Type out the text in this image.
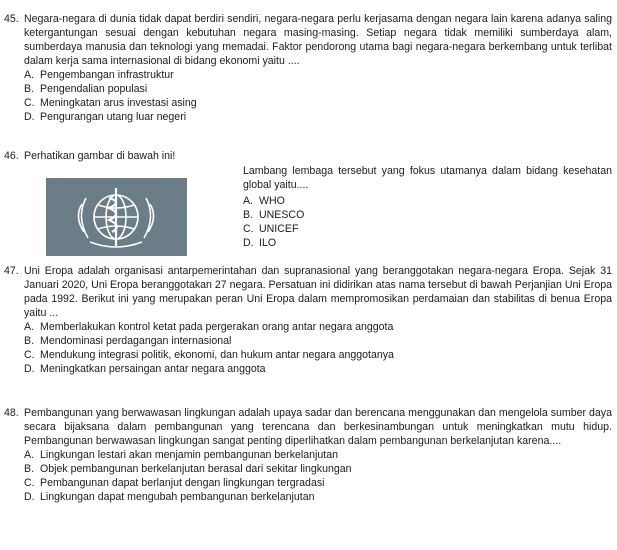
45. Negara-negara di dunia tidak dapat berdiri sendiri, negara-negara perlu kerjasama dengan negara lain karena adanya saling ketergantungan sesuai dengan kebutuhan negara masing-masing. Setiap negara tidak memiliki sumberdaya alam, sumberdaya manusia dan teknologi yang memadai. Faktor pendorong utama bagi negara-negara berkembang untuk terlibat dalam kerja sama internasional di bidang ekonomi yaitu ....
A. Pengembangan infrastruktur
B. Pengendalian populasi
C. Meningkatan arus investasi asing
D. Pengurangan utang luar negeri
46. Perhatikan gambar di bawah ini!
Lambang lembaga tersebut yang fokus utamanya dalam bidang kesehatan global yaitu....
A. WHO
B. UNESCO
C. UNICEF
D. ILO
47. Uni Eropa adalah organisasi antarpemerintahan dan supranasional yang beranggotakan negara-negara Eropa. Sejak 31 Januari 2020, Uni Eropa beranggotakan 27 negara. Persatuan ini didirikan atas nama tersebut di bawah Perjanjian Uni Eropa pada 1992. Berikut ini yang merupakan peran Uni Eropa dalam mempromosikan perdamaian dan stabilitas di benua Eropa yaitu ...
A. Memberlakukan kontrol ketat pada pergerakan orang antar negara anggota
B. Mendominasi perdagangan internasional
C. Mendukung integrasi politik, ekonomi, dan hukum antar negara anggotanya
D. Meningkatkan persaingan antar negara anggota
48. Pembangunan yang berwawasan lingkungan adalah upaya sadar dan berencana menggunakan dan mengelola sumber daya secara bijaksana dalam pembangunan yang terencana dan berkesinambungan untuk meningkatkan mutu hidup. Pembangunan berwawasan lingkungan sangat penting diperlihatkan dalam pembangunan berkelanjutan karena....
A. Lingkungan lestari akan menjamin pembangunan berkelanjutan
B. Objek pembangunan berkelanjutan berasal dari sekitar lingkungan
C. Pembangunan dapat berlanjut dengan lingkungan tergradasi
D. Lingkungan dapat mengubah pembangunan berkelanjutan
